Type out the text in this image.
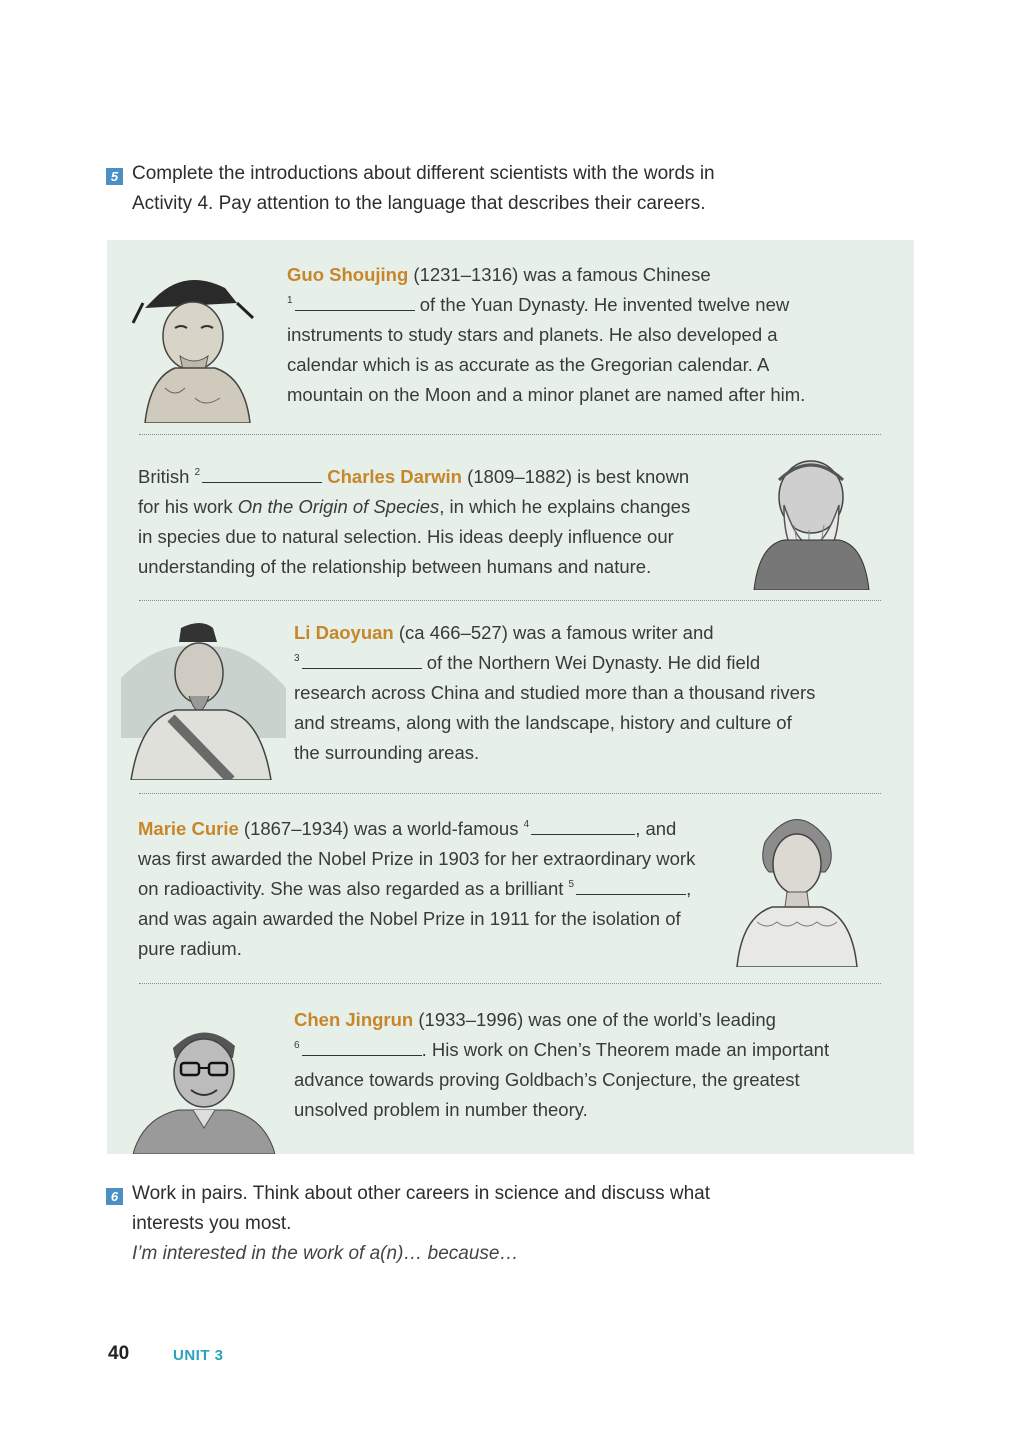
5 Complete the introductions about different scientists with the words in
Activity 4. Pay attention to the language that describes their careers.
Guo Shoujing (1231–1316) was a famous Chinese
$^1$	of the Yuan Dynasty. He invented twelve new
instruments to study stars and planets. He also developed a
calendar which is as accurate as the Gregorian calendar. A
mountain on the Moon and a minor planet are named after him.
British $^2$	Charles Darwin (1809–1882) is best known
for his work On the Origin of Species, in which he explains changes
in species due to natural selection. His ideas deeply influence our
understanding of the relationship between humans and nature.
Li Daoyuan (ca 466–527) was a famous writer and
$^3$	of the Northern Wei Dynasty. He did field
research across China and studied more than a thousand rivers
and streams, along with the landscape, history and culture of
the surrounding areas.
Marie Curie (1867–1934) was a world-famous $^4$	, and
was first awarded the Nobel Prize in 1903 for her extraordinary work
on radioactivity. She was also regarded as a brilliant $^5$	,
and was again awarded the Nobel Prize in 1911 for the isolation of
pure radium.
Chen Jingrun (1933–1996) was one of the world’s leading
$^6$	. His work on Chen’s Theorem made an important
advance towards proving Goldbach’s Conjecture, the greatest
unsolved problem in number theory.
6 Work in pairs. Think about other careers in science and discuss what
interests you most.
I’m interested in the work of a(n)… because…
40	UNIT 3
